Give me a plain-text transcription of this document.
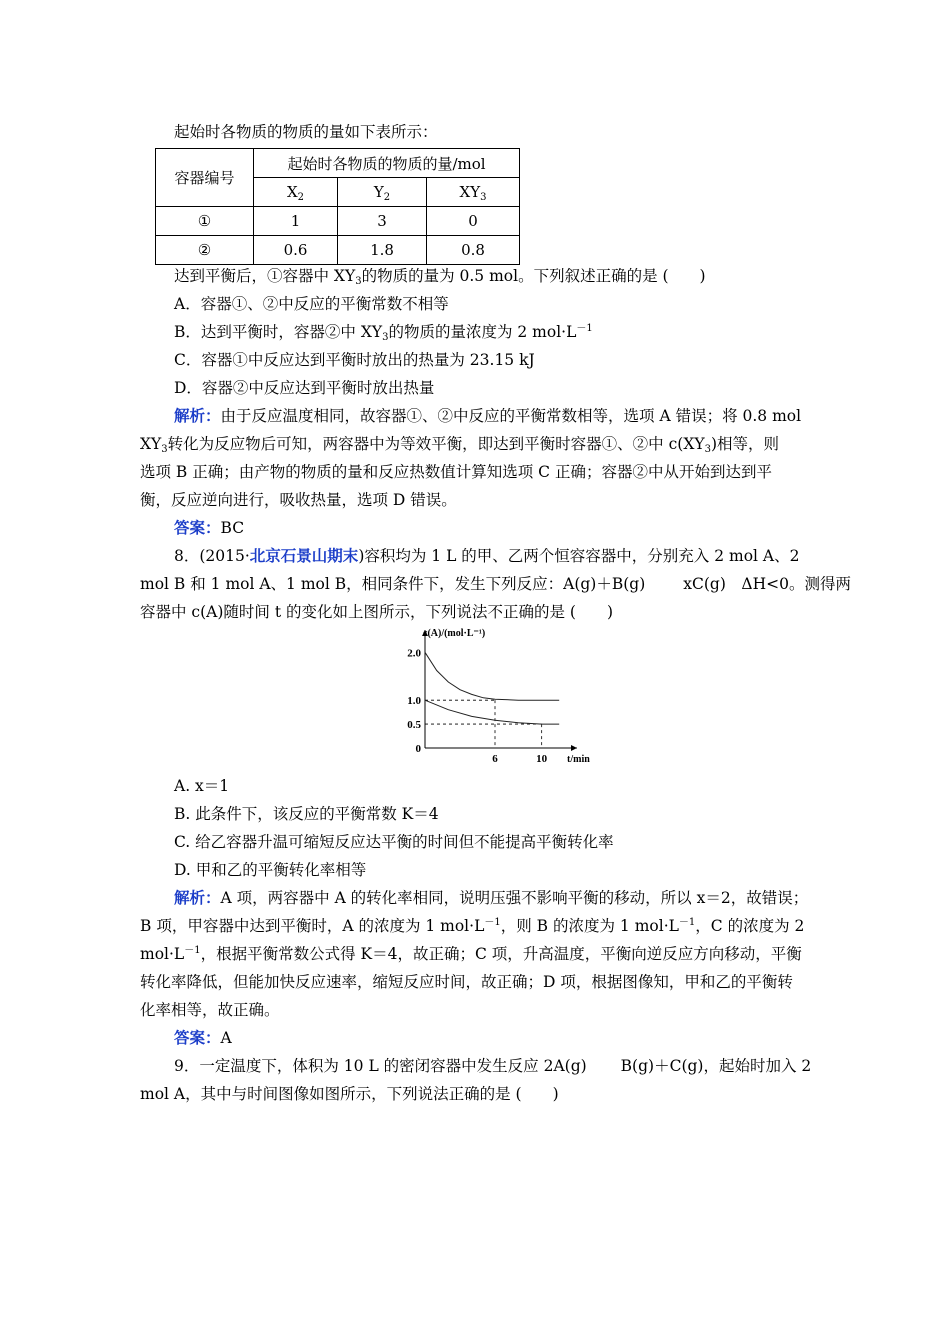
起始时各物质的物质的量如下表所示：
容器编号	起始时各物质的物质的量/mol		
	$X_2$	$Y_2$	$XY_3$
①	1	3	0
②	0.6	1.8	0.8
达到平衡后，①容器中 $XY_3$的物质的量为 0.5 mol。下列叙述正确的是 (　　)
A．容器①、②中反应的平衡常数不相等
B．达到平衡时，容器②中 $XY_3$的物质的量浓度为 2 $mol\cdot L^{-1}$
C．容器①中反应达到平衡时放出的热量为 23.15 kJ
D．容器②中反应达到平衡时放出热量
解析：由于反应温度相同，故容器①、②中反应的平衡常数相等，选项 A 错误；将 0.8 mol
$XY_3$转化为反应物后可知，两容器中为等效平衡，即达到平衡时容器①、②中 $c(XY_3)$相等，则
选项 B 正确；由产物的物质的量和反应热数值计算知选项 C 正确；容器②中从开始到达到平
衡，反应逆向进行，吸收热量，选项 D 错误。
答案：BC
8．(2015·北京石景山期末)容积均为 1 L 的甲、乙两个恒容容器中，分别充入 2 mol A、2
mol B 和 1 mol A、1 mol B，相同条件下，发生下列反应：A(g)＋B(g) xC(g)　ΔH<0。测得两
容器中 c(A)随时间 t 的变化如上图所示，下列说法不正确的是 (　　)
A. x＝1
B. 此条件下，该反应的平衡常数 K＝4
C. 给乙容器升温可缩短反应达平衡的时间但不能提高平衡转化率
D. 甲和乙的平衡转化率相等
解析：A 项，两容器中 A 的转化率相同，说明压强不影响平衡的移动，所以 x＝2，故错误；
B 项，甲容器中达到平衡时，A 的浓度为 1 $mol\cdot L^{-1}$，则 B 的浓度为 1 $mol\cdot L^{-1}$，C 的浓度为 2
$mol\cdot L^{-1}$，根据平衡常数公式得 K＝4，故正确；C 项，升高温度，平衡向逆反应方向移动，平衡
转化率降低，但能加快反应速率，缩短反应时间，故正确；D 项，根据图像知，甲和乙的平衡转
化率相等，故正确。
答案：A
9．一定温度下，体积为 10 L 的密闭容器中发生反应 2A(g) B(g)＋C(g)，起始时加入 2
mol A，其中与时间图像如图所示，下列说法正确的是 (　　)
c(A)/(mol·L⁻¹)
t/min
2.0
1.0
0.5
0
6	10
